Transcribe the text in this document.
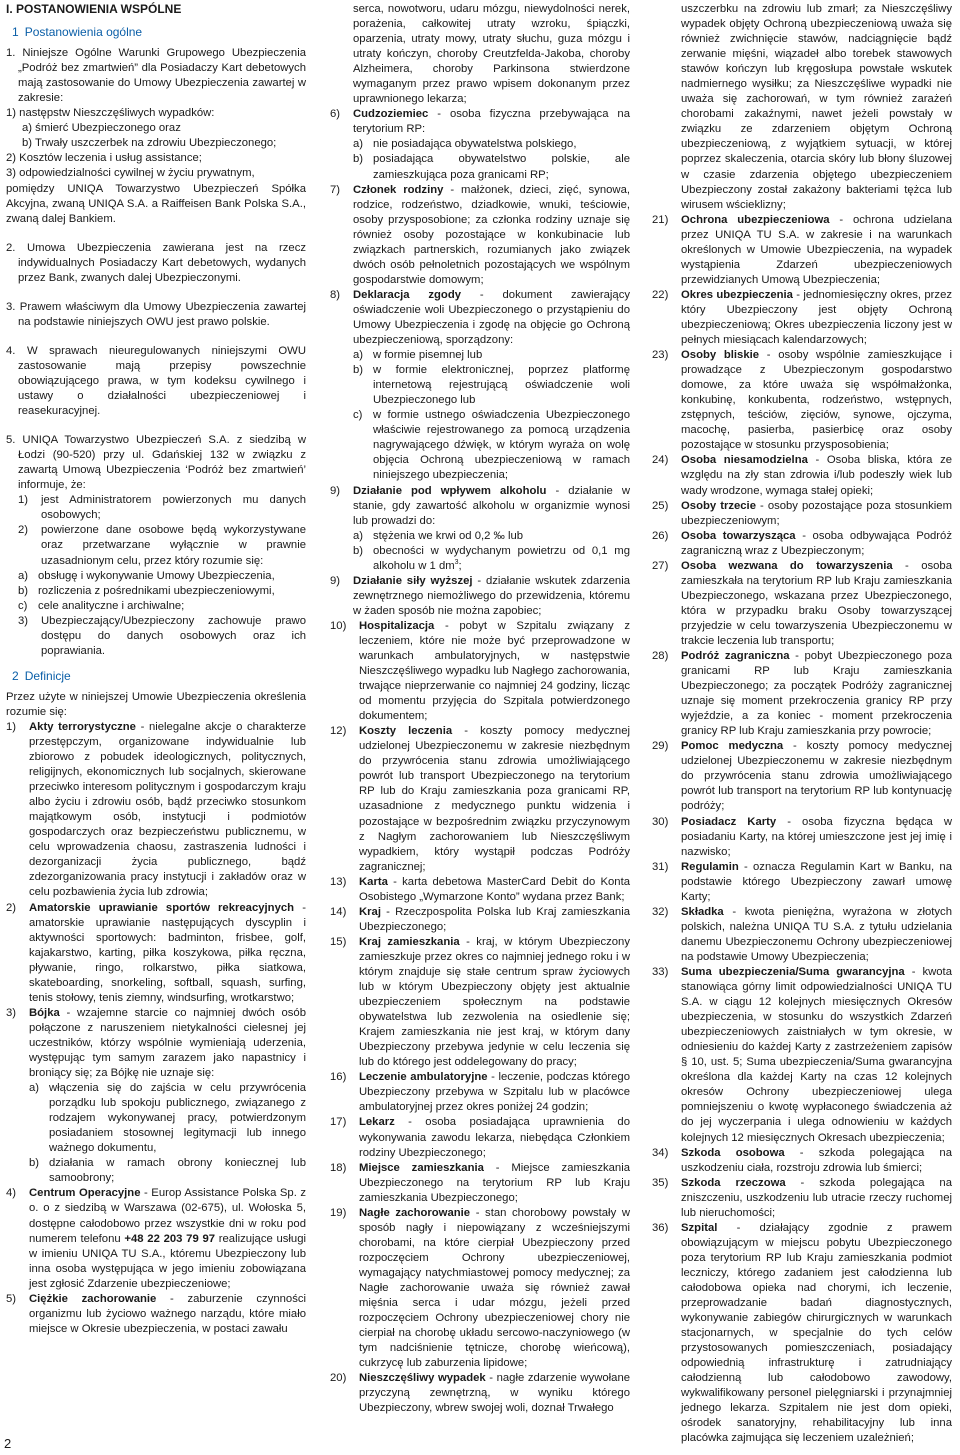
I. POSTANOWIENIA WSPÓLNE
1 Postanowienia ogólne
1. Niniejsze Ogólne Warunki Grupowego Ubezpieczenia „Podróż bez zmartwień” dla Posiadaczy Kart debetowych mają zastosowanie do Umowy Ubezpieczenia zawartej w zakresie:
1) następstw Nieszczęśliwych wypadków:
a) śmierć Ubezpieczonego oraz
b) Trwały uszczerbek na zdrowiu Ubezpieczonego;
2) Kosztów leczenia i usług assistance;
3) odpowiedzialności cywilnej w życiu prywatnym,
pomiędzy UNIQA Towarzystwo Ubezpieczeń Spółka Akcyjna, zwaną UNIQA S.A. a Raiffeisen Bank Polska S.A., zwaną dalej Bankiem.
2. Umowa Ubezpieczenia zawierana jest na rzecz indywidualnych Posiadaczy Kart debetowych, wydanych przez Bank, zwanych dalej Ubezpieczonymi.
3. Prawem właściwym dla Umowy Ubezpieczenia zawartej na podstawie niniejszych OWU jest prawo polskie.
4. W sprawach nieuregulowanych niniejszymi OWU zastosowanie mają przepisy powszechnie obowiązującego prawa, w tym kodeksu cywilnego i ustawy o działalności ubezpieczeniowej i reasekuracyjnej.
5. UNIQA Towarzystwo Ubezpieczeń S.A. z siedzibą w Łodzi (90-520) przy ul. Gdańskiej 132 w związku z zawartą Umową Ubezpieczenia ‘Podróż bez zmartwień’ informuje, że:
1)	jest Administratorem powierzonych mu danych osobowych;
2)	powierzone dane osobowe będą wykorzystywane oraz przetwarzane wyłącznie w prawnie uzasadnionym celu, przez który rozumie się:
a) obsługę i wykonywanie Umowy Ubezpieczenia,
b) rozliczenia z pośrednikami ubezpieczeniowymi,
c) cele analityczne i archiwalne;
3)	Ubezpieczający/Ubezpieczony zachowuje prawo dostępu do danych osobowych oraz ich poprawiania.
2 Definicje
Przez użyte w niniejszej Umowie Ubezpieczenia określenia rozumie się:
1)	Akty terrorystyczne - nielegalne akcje o charakterze przestępczym, organizowane indywidualnie lub zbiorowo z pobudek ideologicznych, politycznych, religijnych, ekonomicznych lub socjalnych, skierowane przeciwko interesom politycznym i gospodarczym kraju albo życiu i zdrowiu osób, bądź przeciwko stosunkom majątkowym osób, instytucji i podmiotów gospodarczych oraz bezpieczeństwu publicznemu, w celu wprowadzenia chaosu, zastraszenia ludności i dezorganizacji życia publicznego, bądź zdezorganizowania pracy instytucji i zakładów oraz w celu pozbawienia życia lub zdrowia;
2)	Amatorskie uprawianie sportów rekreacyjnych - amatorskie uprawianie następujących dyscyplin i aktywności sportowych: badminton, frisbee, golf, kajakarstwo, karting, piłka koszykowa, piłka ręczna, pływanie, ringo, rolkarstwo, piłka siatkowa, skateboarding, snorkeling, softball, squash, surfing, tenis stołowy, tenis ziemny, windsurfing, wrotkarstwo;
3)	Bójka - wzajemne starcie co najmniej dwóch osób połączone z naruszeniem nietykalności cielesnej jej uczestników, którzy wspólnie wymieniają uderzenia, występując tym samym zarazem jako napastnicy i broniący się; za Bójkę nie uznaje się:
a) włączenia się do zajścia w celu przywrócenia porządku lub spokoju publicznego, związanego z rodzajem wykonywanej pracy, potwierdzonym posiadaniem stosownej legitymacji lub innego ważnego dokumentu,
b) działania w ramach obrony koniecznej lub samoobrony;
4)	Centrum Operacyjne - Europ Assistance Polska Sp. z o. o z siedzibą w Warszawa (02-675), ul. Wołoska 5, dostępne całodobowo przez wszystkie dni w roku pod numerem telefonu +48 22 203 79 97 realizujące usługi w imieniu UNIQA TU S.A., któremu Ubezpieczony lub inna osoba występująca w jego imieniu zobowiązana jest zgłosić Zdarzenie ubezpieczeniowe;
5)	Ciężkie zachorowanie - zaburzenie czynności organizmu lub życiowo ważnego narządu, które miało miejsce w Okresie ubezpieczenia, w postaci zawału
serca, nowotworu, udaru mózgu, niewydolności nerek, porażenia, całkowitej utraty wzroku, śpiączki, oparzenia, utraty mowy, utraty słuchu, guza mózgu i utraty kończyn, choroby Creutzfelda-Jakoba, choroby Alzheimera, choroby Parkinsona stwierdzone wymaganym przez prawo wpisem dokonanym przez uprawnionego lekarza;
6)	Cudzoziemiec - osoba fizyczna przebywająca na terytorium RP:
a) nie posiadająca obywatelstwa polskiego,
b) posiadająca obywatelstwo polskie, ale zamieszkująca poza granicami RP;
7)	Członek rodziny - małżonek, dzieci, zięć, synowa, rodzice, rodzeństwo, dziadkowie, wnuki, teściowie, osoby przysposobione; za członka rodziny uznaje się również osoby pozostające w konkubinacie lub związkach partnerskich, rozumianych jako związek dwóch osób pełnoletnich pozostających we wspólnym gospodarstwie domowym;
8)	Deklaracja zgody - dokument zawierający oświadczenie woli Ubezpieczonego o przystąpieniu do Umowy Ubezpieczenia i zgodę na objęcie go Ochroną ubezpieczeniową, sporządzony:
a) w formie pisemnej lub
b) w formie elektronicznej, poprzez platformę internetową rejestrującą oświadczenie woli Ubezpieczonego lub
c) w formie ustnego oświadczenia Ubezpieczonego właściwie rejestrowanego za pomocą urządzenia nagrywającego dźwięk, w którym wyraża on wolę objęcia Ochroną ubezpieczeniową w ramach niniejszego ubezpieczenia;
9)	Działanie pod wpływem alkoholu - działanie w stanie, gdy zawartość alkoholu w organizmie wynosi lub prowadzi do:
a) stężenia we krwi od 0,2 ‰ lub
b) obecności w wydychanym powietrzu od 0,1 mg alkoholu w 1 $dm^3$;
9)	Działanie siły wyższej - działanie wskutek zdarzenia zewnętrznego niemożliwego do przewidzenia, któremu w żaden sposób nie można zapobiec;
10)	Hospitalizacja - pobyt w Szpitalu związany z leczeniem, które nie może być przeprowadzone w warunkach ambulatoryjnych, w następstwie Nieszczęśliwego wypadku lub Nagłego zachorowania, trwające nieprzerwanie co najmniej 24 godziny, licząc od momentu przyjęcia do Szpitala potwierdzonego dokumentem;
12)	Koszty leczenia - koszty pomocy medycznej udzielonej Ubezpieczonemu w zakresie niezbędnym do przywrócenia stanu zdrowia umożliwiającego powrót lub transport Ubezpieczonego na terytorium RP lub do Kraju zamieszkania poza granicami RP, uzasadnione z medycznego punktu widzenia i pozostające w bezpośrednim związku przyczynowym z Nagłym zachorowaniem lub Nieszczęśliwym wypadkiem, który wystąpił podczas Podróży zagranicznej;
13)	Karta - karta debetowa MasterCard Debit do Konta Osobistego „Wymarzone Konto” wydana przez Bank;
14)	Kraj - Rzeczpospolita Polska lub Kraj zamieszkania Ubezpieczonego;
15)	Kraj zamieszkania - kraj, w którym Ubezpieczony zamieszkuje przez okres co najmniej jednego roku i w którym znajduje się stałe centrum spraw życiowych lub w którym Ubezpieczony objęty jest aktualnie ubezpieczeniem społecznym na podstawie obywatelstwa lub zezwolenia na osiedlenie się; Krajem zamieszkania nie jest kraj, w którym dany Ubezpieczony przebywa jedynie w celu leczenia się lub do którego jest oddelegowany do pracy;
16)	Leczenie ambulatoryjne - leczenie, podczas którego Ubezpieczony przebywa w Szpitalu lub w placówce ambulatoryjnej przez okres poniżej 24 godzin;
17)	Lekarz - osoba posiadająca uprawnienia do wykonywania zawodu lekarza, niebędąca Członkiem rodziny Ubezpieczonego;
18)	Miejsce zamieszkania - Miejsce zamieszkania Ubezpieczonego na terytorium RP lub Kraju zamieszkania Ubezpieczonego;
19)	Nagłe zachorowanie - stan chorobowy powstały w sposób nagły i niepowiązany z wcześniejszymi chorobami, na które cierpiał Ubezpieczony przed rozpoczęciem Ochrony ubezpieczeniowej, wymagający natychmiastowej pomocy medycznej; za Nagłe zachorowanie uważa się również zawał mięśnia serca i udar mózgu, jeżeli przed rozpoczęciem Ochrony ubezpieczeniowej chory nie cierpiał na chorobę układu sercowo-naczyniowego (w tym nadciśnienie tętnicze, chorobę wieńcową), cukrzycę lub zaburzenia lipidowe;
20)	Nieszczęśliwy wypadek - nagłe zdarzenie wywołane przyczyną zewnętrzną, w wyniku którego Ubezpieczony, wbrew swojej woli, doznał Trwałego
uszczerbku na zdrowiu lub zmarł; za Nieszczęśliwy wypadek objęty Ochroną ubezpieczeniową uważa się również zwichnięcie stawów, nadciągnięcie bądź zerwanie mięśni, wiązadeł albo torebek stawowych stawów kończyn lub kręgosłupa powstałe wskutek nadmiernego wysiłku; za Nieszczęśliwe wypadki nie uważa się zachorowań, w tym również zarażeń chorobami zakaźnymi, nawet jeżeli powstały w związku ze zdarzeniem objętym Ochroną ubezpieczeniową, z wyjątkiem sytuacji, w której poprzez skaleczenia, otarcia skóry lub błony śluzowej w czasie zdarzenia objętego ubezpieczeniem Ubezpieczony został zakażony bakteriami tężca lub wirusem wścieklizny;
21)	Ochrona ubezpieczeniowa - ochrona udzielana przez UNIQA TU S.A. w zakresie i na warunkach określonych w Umowie Ubezpieczenia, na wypadek wystąpienia Zdarzeń ubezpieczeniowych przewidzianych Umową Ubezpieczenia;
22)	Okres ubezpieczenia - jednomiesięczny okres, przez który Ubezpieczony jest objęty Ochroną ubezpieczeniową; Okres ubezpieczenia liczony jest w pełnych miesiącach kalendarzowych;
23)	Osoby bliskie - osoby wspólnie zamieszkujące i prowadzące z Ubezpieczonym gospodarstwo domowe, za które uważa się współmałżonka, konkubinę, konkubenta, rodzeństwo, wstępnych, zstępnych, teściów, zięciów, synowe, ojczyma, macochę, pasierba, pasierbicę oraz osoby pozostające w stosunku przysposobienia;
24)	Osoba niesamodzielna - Osoba bliska, która ze względu na zły stan zdrowia i/lub podeszły wiek lub wady wrodzone, wymaga stałej opieki;
25)	Osoby trzecie - osoby pozostające poza stosunkiem ubezpieczeniowym;
26)	Osoba towarzysząca - osoba odbywająca Podróż zagraniczną wraz z Ubezpieczonym;
27)	Osoba wezwana do towarzyszenia - osoba zamieszkała na terytorium RP lub Kraju zamieszkania Ubezpieczonego, wskazana przez Ubezpieczonego, która w przypadku braku Osoby towarzyszącej przyjedzie w celu towarzyszenia Ubezpieczonemu w trakcie leczenia lub transportu;
28)	Podróż zagraniczna - pobyt Ubezpieczonego poza granicami RP lub Kraju zamieszkania Ubezpieczonego; za początek Podróży zagranicznej uznaje się moment przekroczenia granicy RP przy wyjeździe, a za koniec - moment przekroczenia granicy RP lub Kraju zamieszkania przy powrocie;
29)	Pomoc medyczna - koszty pomocy medycznej udzielonej Ubezpieczonemu w zakresie niezbędnym do przywrócenia stanu zdrowia umożliwiającego powrót lub transport na terytorium RP lub kontynuację podróży;
30)	Posiadacz Karty - osoba fizyczna będąca w posiadaniu Karty, na której umieszczone jest jej imię i nazwisko;
31)	Regulamin - oznacza Regulamin Kart w Banku, na podstawie którego Ubezpieczony zawarł umowę Karty;
32)	Składka - kwota pieniężna, wyrażona w złotych polskich, należna UNIQA TU S.A. z tytułu udzielania danemu Ubezpieczonemu Ochrony ubezpieczeniowej na podstawie Umowy Ubezpieczenia;
33)	Suma ubezpieczenia/Suma gwarancyjna - kwota stanowiąca górny limit odpowiedzialności UNIQA TU S.A. w ciągu 12 kolejnych miesięcznych Okresów ubezpieczenia, w stosunku do wszystkich Zdarzeń ubezpieczeniowych zaistniałych w tym okresie, w odniesieniu do każdej Karty z zastrzeżeniem zapisów § 10, ust. 5; Suma ubezpieczenia/Suma gwarancyjna określona dla każdej Karty na czas 12 kolejnych okresów Ochrony ubezpieczeniowej ulega pomniejszeniu o kwotę wypłaconego świadczenia aż do jej wyczerpania i ulega odnowieniu w każdych kolejnych 12 miesięcznych Okresach ubezpieczenia;
34)	Szkoda osobowa - szkoda polegająca na uszkodzeniu ciała, rozstroju zdrowia lub śmierci;
35)	Szkoda rzeczowa - szkoda polegająca na zniszczeniu, uszkodzeniu lub utracie rzeczy ruchomej lub nieruchomości;
36)	Szpital - działający zgodnie z prawem obowiązującym w miejscu pobytu Ubezpieczonego poza terytorium RP lub Kraju zamieszkania podmiot leczniczy, którego zadaniem jest całodzienna lub całodobowa opieka nad chorymi, ich leczenie, przeprowadzanie badań diagnostycznych, wykonywanie zabiegów chirurgicznych w warunkach stacjonarnych, w specjalnie do tych celów przystosowanych pomieszczeniach, posiadający odpowiednią infrastrukturę i zatrudniający całodzienną lub całodobowo zawodowy, wykwalifikowany personel pielęgniarski i przynajmniej jednego lekarza. Szpitalem nie jest dom opieki, ośrodek sanatoryjny, rehabilitacyjny lub inna placówka zajmująca się leczeniem uzależnień;
2
